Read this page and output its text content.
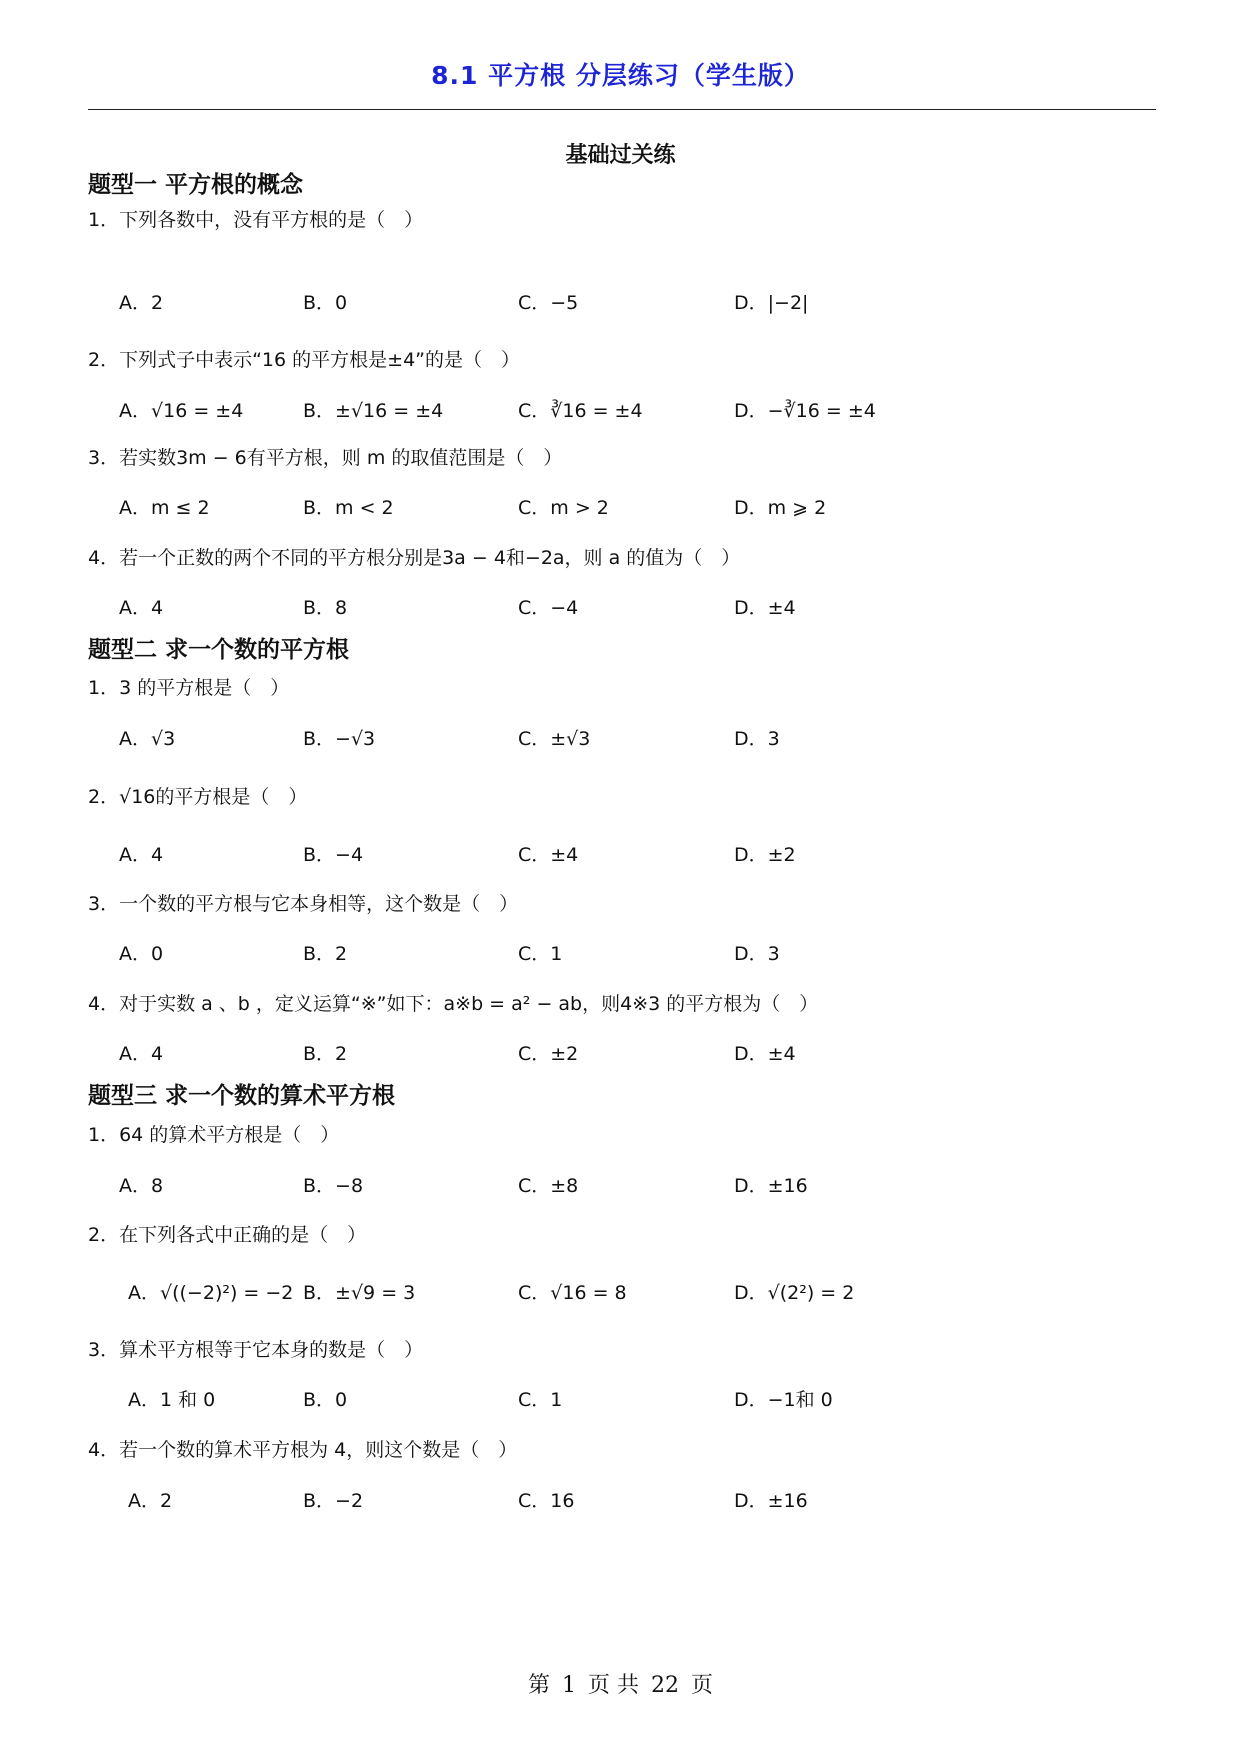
8.1 平方根 分层练习（学生版）
基础过关练
题型一 平方根的概念
1．下列各数中，没有平方根的是（　）
A．2	B．0	C．−5	D．|−2|
2．下列式子中表示“16 的平方根是±4”的是（　）
A．√16 = ±4	B．±√16 = ±4	C．∛16 = ±4	D．−∛16 = ±4
3．若实数3m − 6有平方根，则 m 的取值范围是（　）
A．m ≤ 2	B．m < 2	C．m > 2	D．m ⩾ 2
4．若一个正数的两个不同的平方根分别是3a − 4和−2a，则 a 的值为（　）
A．4	B．8	C．−4	D．±4
题型二 求一个数的平方根
1．3 的平方根是（　）
A．√3	B．−√3	C．±√3	D．3
2．√16的平方根是（　）
A．4	B．−4	C．±4	D．±2
3．一个数的平方根与它本身相等，这个数是（　）
A．0	B．2	C．1	D．3
4．对于实数 a 、b ，定义运算“※”如下：a※b = a² − ab，则4※3 的平方根为（　）
A．4	B．2	C．±2	D．±4
题型三 求一个数的算术平方根
1．64 的算术平方根是（　）
A．8	B．−8	C．±8	D．±16
2．在下列各式中正确的是（　）
A．√((−2)²) = −2 B．±√9 = 3	C．√16 = 8	D．√(2²) = 2
3．算术平方根等于它本身的数是（　）
A．1 和 0	B．0	C．1	D．−1和 0
4．若一个数的算术平方根为 4，则这个数是（　）
A．2	B．−2	C．16	D．±16
第 1 页 共 22 页
